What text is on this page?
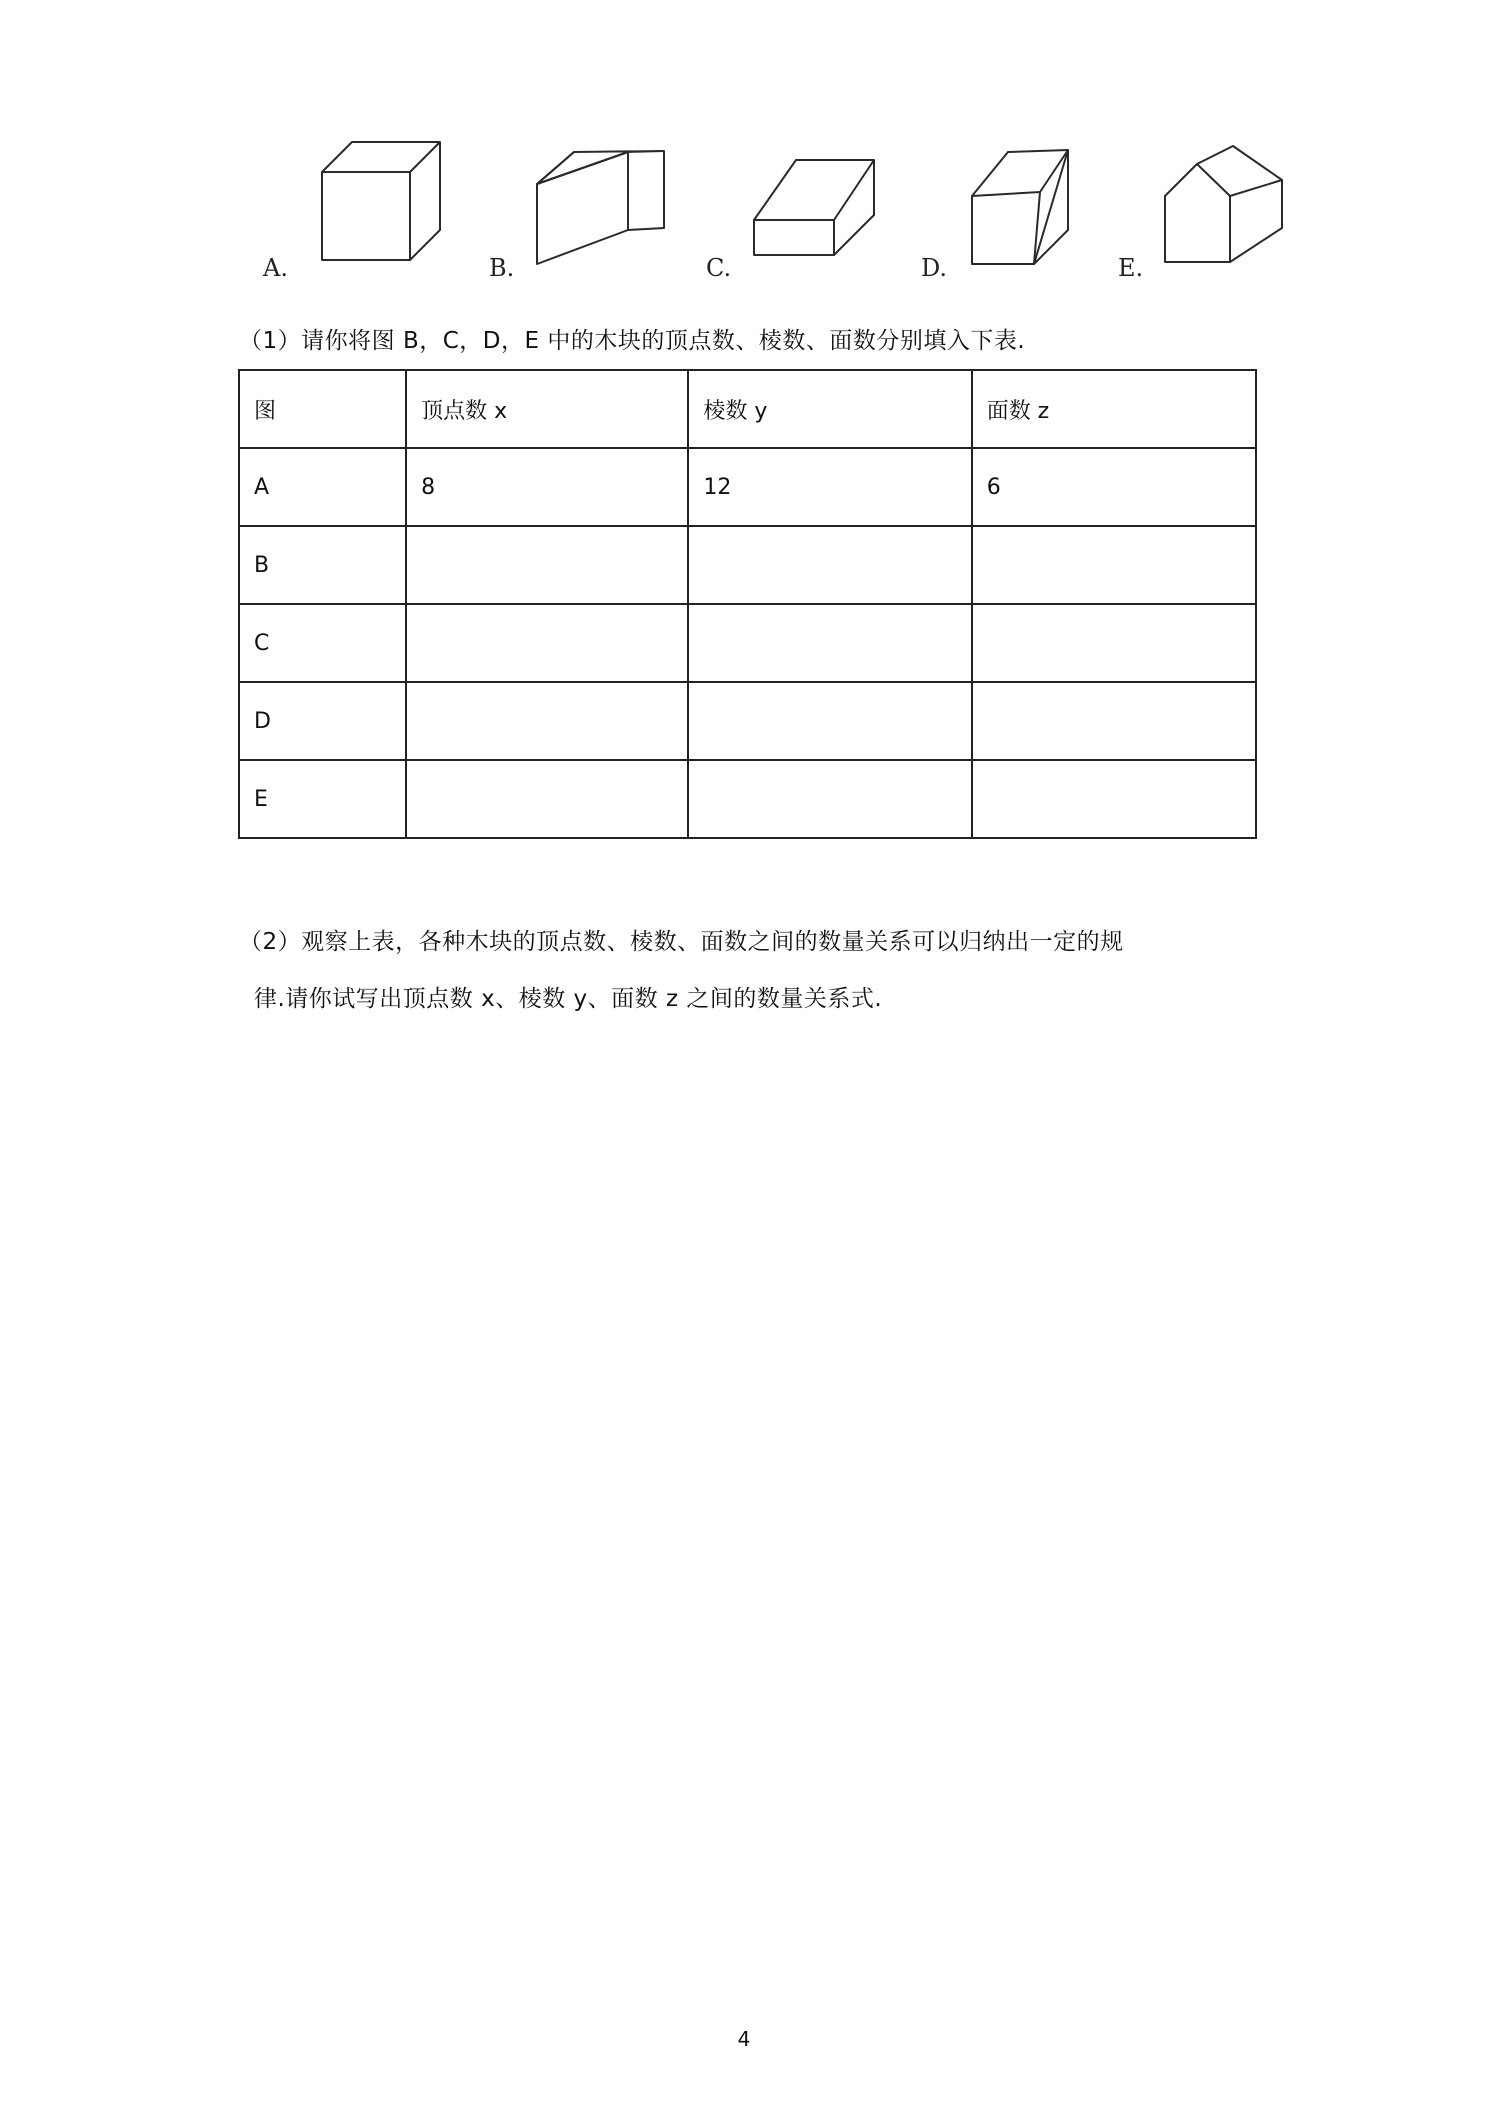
A.	B.	C.	D.	E.
（1）请你将图 B，C，D，E 中的木块的顶点数、棱数、面数分别填入下表.
图	顶点数 x	棱数 y	面数 z
A	8	12	6
B			
C			
D			
E			

（2）观察上表，各种木块的顶点数、棱数、面数之间的数量关系可以归纳出一定的规

律.请你试写出顶点数 x、棱数 y、面数 z 之间的数量关系式.

4
